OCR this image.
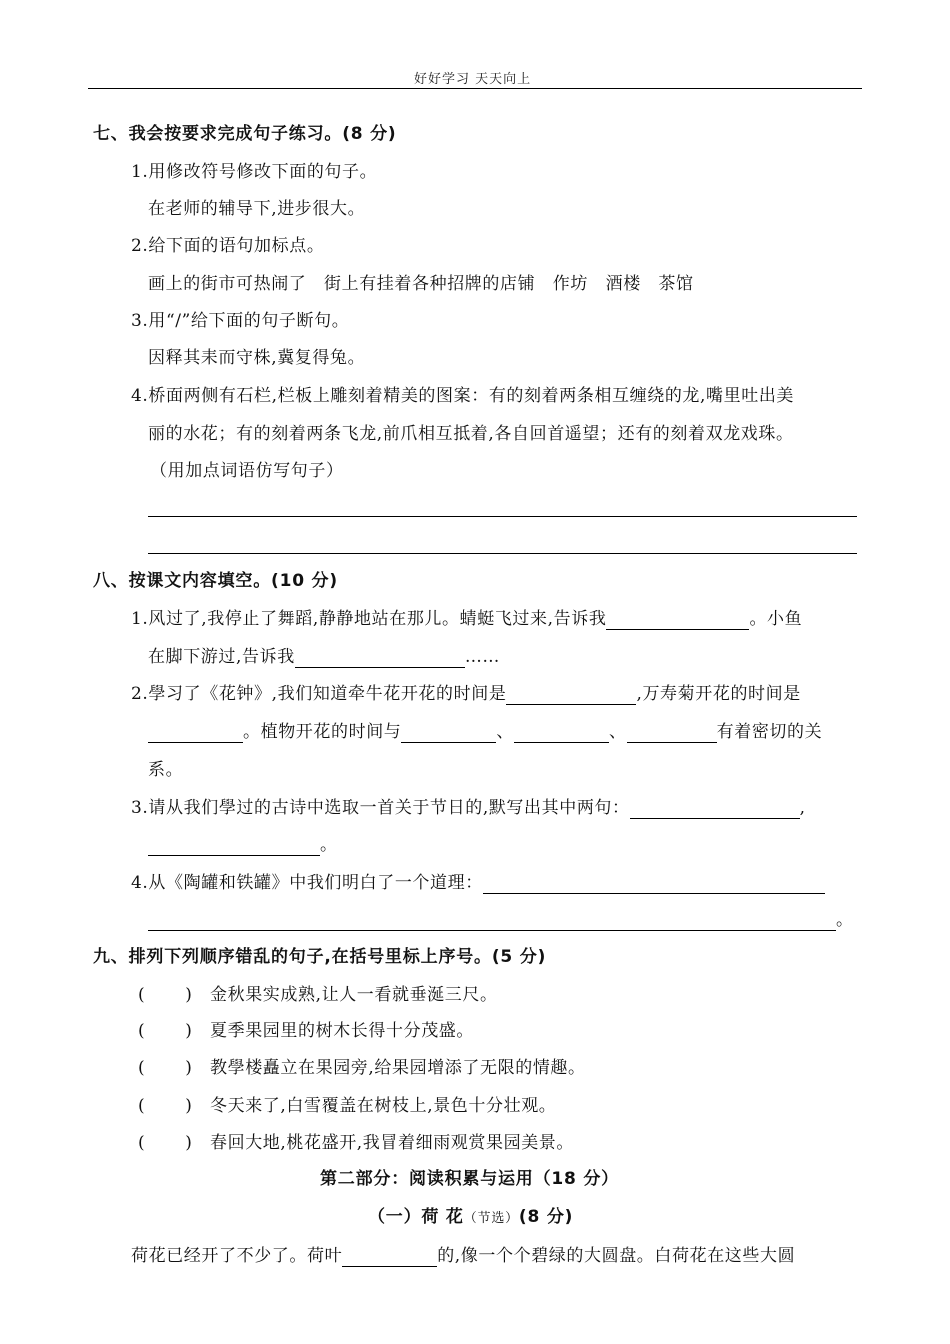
好好学习 天天向上
七、我会按要求完成句子练习。(8 分)
1.用修改符号修改下面的句子。
在老师的辅导下,进步很大。
2.给下面的语句加标点。
画上的街市可热闹了　街上有挂着各种招牌的店铺　作坊　酒楼　茶馆
3.用“/”给下面的句子断句。
因释其耒而守株,冀复得兔。
4.桥面两侧有石栏,栏板上雕刻着精美的图案：有的刻着两条相互缠绕的龙,嘴里吐出美
丽的水花；有的刻着两条飞龙,前爪相互抵着,各自回首遥望；还有的刻着双龙戏珠。
（用加点词语仿写句子）
八、按课文内容填空。(10 分)
1.风过了,我停止了舞蹈,静静地站在那儿。蜻蜓飞过来,告诉我	。小鱼
在脚下游过,告诉我	……
2.學习了《花钟》,我们知道牵牛花开花的时间是	,万寿菊开花的时间是
。植物开花的时间与	、	、	有着密切的关
系。
3.请从我们學过的古诗中选取一首关于节日的,默写出其中两句：	,
。
4.从《陶罐和铁罐》中我们明白了一个道理：
。
九、排列下列顺序错乱的句子,在括号里标上序号。(5 分)
( ) 金秋果实成熟,让人一看就垂涎三尺。
( ) 夏季果园里的树木长得十分茂盛。
( ) 教學楼矗立在果园旁,给果园增添了无限的情趣。
( ) 冬天来了,白雪覆盖在树枝上,景色十分壮观。
( ) 春回大地,桃花盛开,我冒着细雨观赏果园美景。
第二部分：阅读积累与运用（18 分）
（一）荷 花（节选）(8 分)
荷花已经开了不少了。荷叶	的,像一个个碧绿的大圆盘。白荷花在这些大圆
